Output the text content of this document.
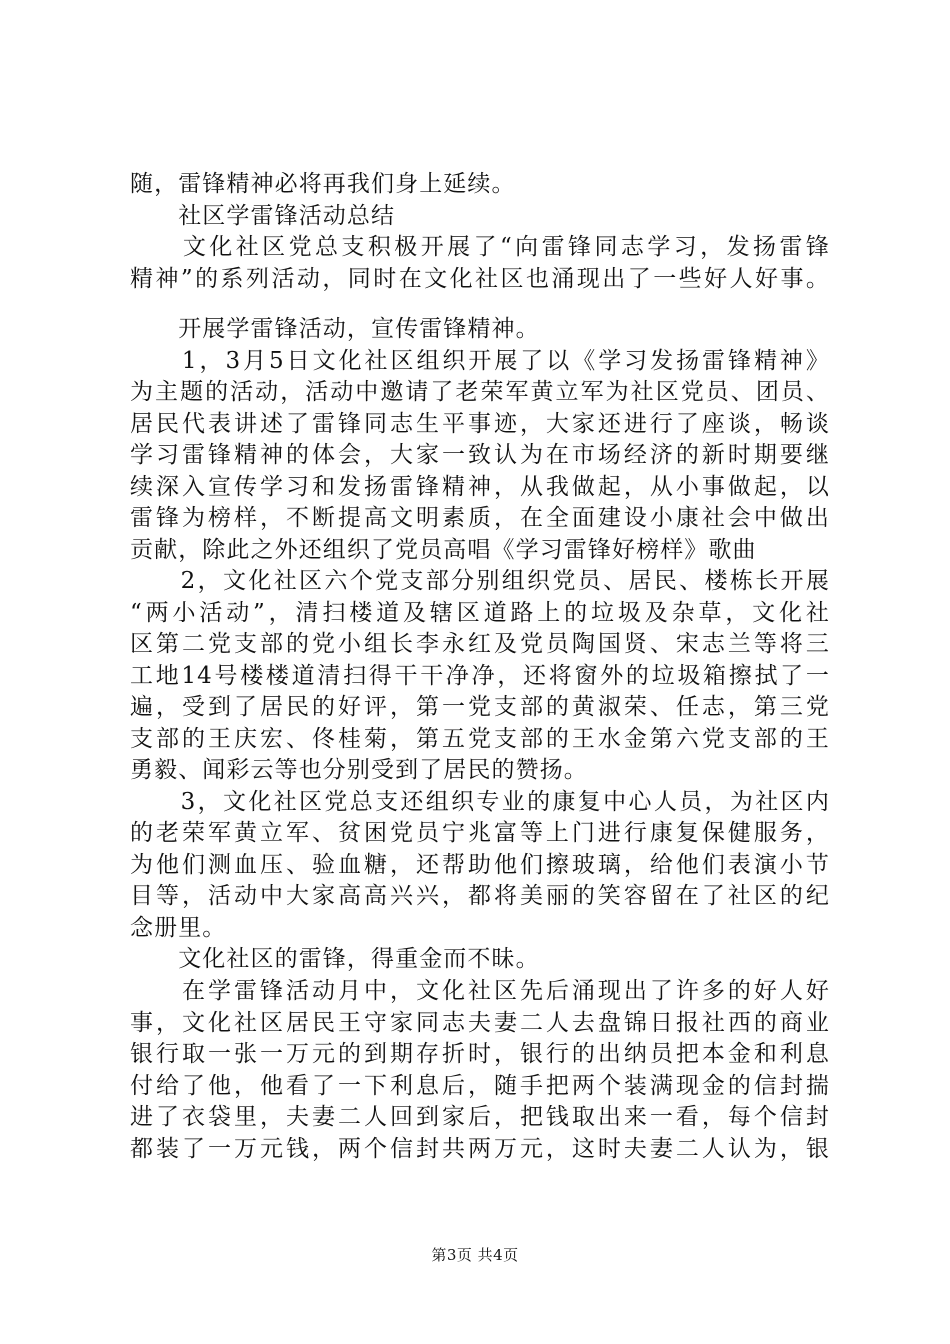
随，雷锋精神必将再我们身上延续。
　　社区学雷锋活动总结
　　文化社区党总支积极开展了“向雷锋同志学习，发扬雷锋
精神”的系列活动，同时在文化社区也涌现出了一些好人好事。
　　开展学雷锋活动，宣传雷锋精神。
　　1，3月5日文化社区组织开展了以《学习发扬雷锋精神》
为主题的活动，活动中邀请了老荣军黄立军为社区党员、团员、
居民代表讲述了雷锋同志生平事迹，大家还进行了座谈，畅谈
学习雷锋精神的体会，大家一致认为在市场经济的新时期要继
续深入宣传学习和发扬雷锋精神，从我做起，从小事做起，以
雷锋为榜样，不断提高文明素质，在全面建设小康社会中做出
贡献，除此之外还组织了党员高唱《学习雷锋好榜样》歌曲
　　2，文化社区六个党支部分别组织党员、居民、楼栋长开展
“两小活动”，清扫楼道及辖区道路上的垃圾及杂草，文化社
区第二党支部的党小组长李永红及党员陶国贤、宋志兰等将三
工地14号楼楼道清扫得干干净净，还将窗外的垃圾箱擦拭了一
遍，受到了居民的好评，第一党支部的黄淑荣、任志，第三党
支部的王庆宏、佟桂菊，第五党支部的王水金第六党支部的王
勇毅、闻彩云等也分别受到了居民的赞扬。
　　3，文化社区党总支还组织专业的康复中心人员，为社区内
的老荣军黄立军、贫困党员宁兆富等上门进行康复保健服务，
为他们测血压、验血糖，还帮助他们擦玻璃，给他们表演小节
目等，活动中大家高高兴兴，都将美丽的笑容留在了社区的纪
念册里。
　　文化社区的雷锋，得重金而不昧。
　　在学雷锋活动月中，文化社区先后涌现出了许多的好人好
事，文化社区居民王守家同志夫妻二人去盘锦日报社西的商业
银行取一张一万元的到期存折时，银行的出纳员把本金和利息
付给了他，他看了一下利息后，随手把两个装满现金的信封揣
进了衣袋里，夫妻二人回到家后，把钱取出来一看，每个信封
都装了一万元钱，两个信封共两万元，这时夫妻二人认为，银
第3页 共4页
